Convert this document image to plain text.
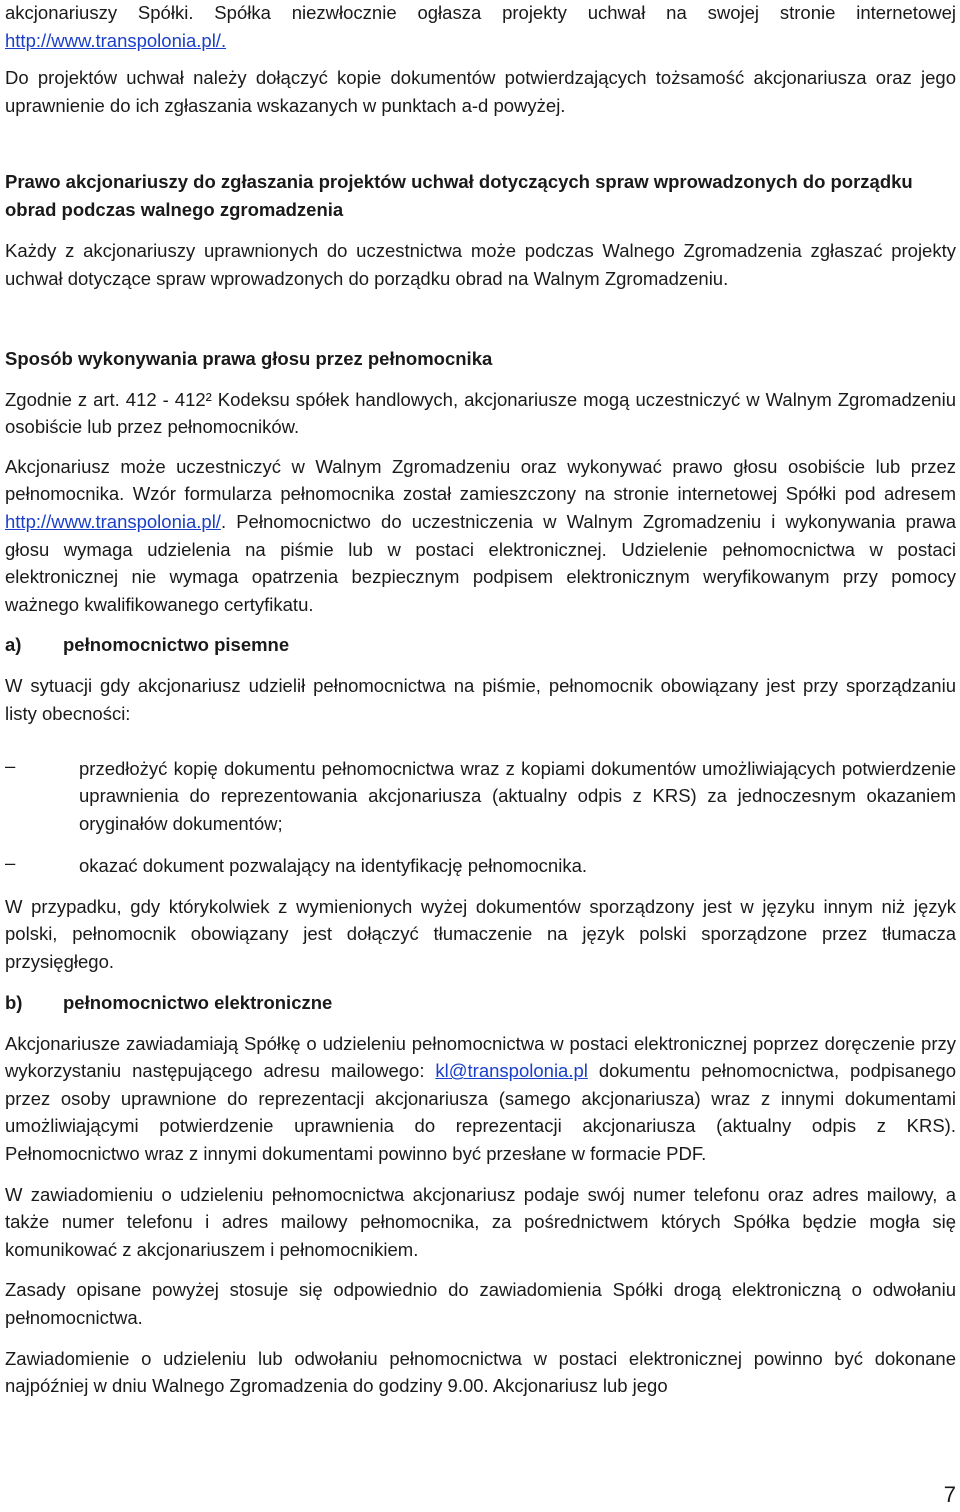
akcjonariuszy Spółki. Spółka niezwłocznie ogłasza projekty uchwał na swojej stronie internetowej http://www.transpolonia.pl/.

Do projektów uchwał należy dołączyć kopie dokumentów potwierdzających tożsamość akcjonariusza oraz jego uprawnienie do ich zgłaszania wskazanych w punktach a-d powyżej.

Prawo akcjonariuszy do zgłaszania projektów uchwał dotyczących spraw wprowadzonych do porządku obrad podczas walnego zgromadzenia

Każdy z akcjonariuszy uprawnionych do uczestnictwa może podczas Walnego Zgromadzenia zgłaszać projekty uchwał dotyczące spraw wprowadzonych do porządku obrad na Walnym Zgromadzeniu.

Sposób wykonywania prawa głosu przez pełnomocnika

Zgodnie z art. 412 - 412² Kodeksu spółek handlowych, akcjonariusze mogą uczestniczyć w Walnym Zgromadzeniu osobiście lub przez pełnomocników.

Akcjonariusz może uczestniczyć w Walnym Zgromadzeniu oraz wykonywać prawo głosu osobiście lub przez pełnomocnika. Wzór formularza pełnomocnika został zamieszczony na stronie internetowej Spółki pod adresem http://www.transpolonia.pl/. Pełnomocnictwo do uczestniczenia w Walnym Zgromadzeniu i wykonywania prawa głosu wymaga udzielenia na piśmie lub w postaci elektronicznej. Udzielenie pełnomocnictwa w postaci elektronicznej nie wymaga opatrzenia bezpiecznym podpisem elektronicznym weryfikowanym przy pomocy ważnego kwalifikowanego certyfikatu.

a) pełnomocnictwo pisemne

W sytuacji gdy akcjonariusz udzielił pełnomocnictwa na piśmie, pełnomocnik obowiązany jest przy sporządzaniu listy obecności:

–	przedłożyć kopię dokumentu pełnomocnictwa wraz z kopiami dokumentów umożliwiających potwierdzenie uprawnienia do reprezentowania akcjonariusza (aktualny odpis z KRS) za jednoczesnym okazaniem oryginałów dokumentów;

–	okazać dokument pozwalający na identyfikację pełnomocnika.

W przypadku, gdy którykolwiek z wymienionych wyżej dokumentów sporządzony jest w języku innym niż język polski, pełnomocnik obowiązany jest dołączyć tłumaczenie na język polski sporządzone przez tłumacza przysięgłego.

b) pełnomocnictwo elektroniczne

Akcjonariusze zawiadamiają Spółkę o udzieleniu pełnomocnictwa w postaci elektronicznej poprzez doręczenie przy wykorzystaniu następującego adresu mailowego: kl@transpolonia.pl dokumentu pełnomocnictwa, podpisanego przez osoby uprawnione do reprezentacji akcjonariusza (samego akcjonariusza) wraz z innymi dokumentami umożliwiającymi potwierdzenie uprawnienia do reprezentacji akcjonariusza (aktualny odpis z KRS). Pełnomocnictwo wraz z innymi dokumentami powinno być przesłane w formacie PDF.

W zawiadomieniu o udzieleniu pełnomocnictwa akcjonariusz podaje swój numer telefonu oraz adres mailowy, a także numer telefonu i adres mailowy pełnomocnika, za pośrednictwem których Spółka będzie mogła się komunikować z akcjonariuszem i pełnomocnikiem.

Zasady opisane powyżej stosuje się odpowiednio do zawiadomienia Spółki drogą elektroniczną o odwołaniu pełnomocnictwa.

Zawiadomienie o udzieleniu lub odwołaniu pełnomocnictwa w postaci elektronicznej powinno być dokonane najpóźniej w dniu Walnego Zgromadzenia do godziny 9.00. Akcjonariusz lub jego

7
